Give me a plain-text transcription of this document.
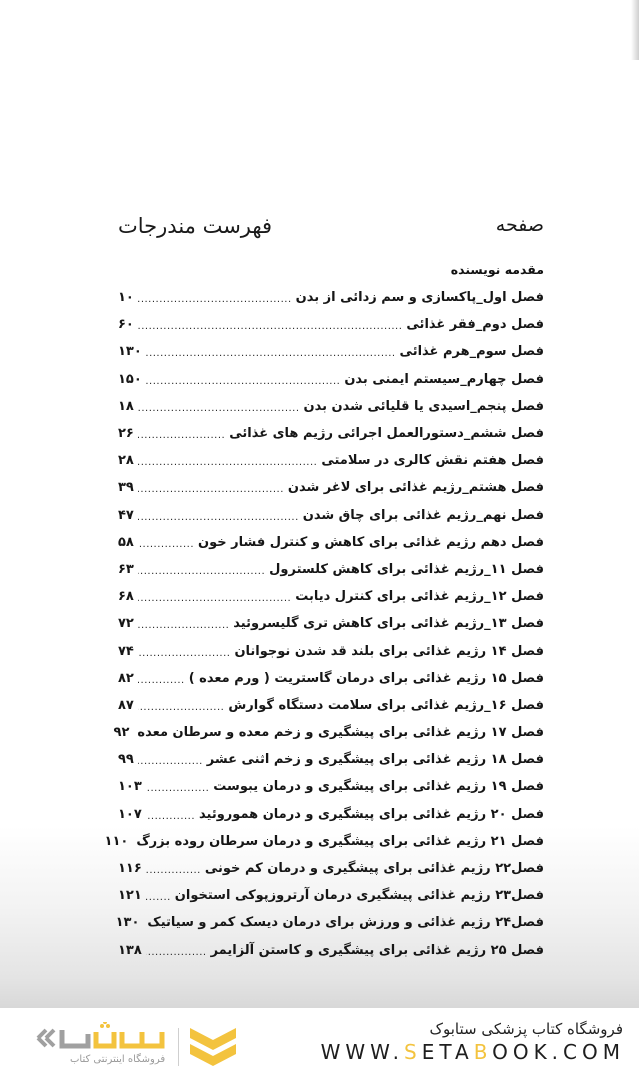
فهرست مندرجات	صفحه
مقدمه نویسنده
فصل اول_پاکسازی و سم زدائی از بدن
.....
۱۰
فصل دوم_فقر غذائی
.....
۶۰
فصل سوم_هرم غذائی
.....
۱۳۰
فصل چهارم_سیستم ایمنی بدن
.....
۱۵۰
فصل پنجم_اسیدی یا قلیائی شدن بدن
.....
۱۸
فصل ششم_دستورالعمل اجرائی رژیم های غذائی
.....
۲۶
فصل هفتم نقش کالری در سلامتی
.....
۲۸
فصل هشتم_رژیم غذائی برای لاغر شدن
.....
۳۹
فصل نهم_رژیم غذائی برای چاق شدن
.....
۴۷
فصل دهم رژیم غذائی برای کاهش و کنترل فشار خون
.....
۵۸
فصل ۱۱_رژیم غذائی برای کاهش کلسترول
.....
۶۳
فصل ۱۲_رژیم غذائی برای کنترل دیابت
.....
۶۸
فصل ۱۳_رژیم غذائی برای کاهش تری گلیسروئید
.....
۷۲
فصل ۱۴ رژیم غذائی برای بلند قد شدن نوجوانان
.....
۷۴
فصل ۱۵ رژیم غذائی برای درمان گاستریت ( ورم معده )
.....
۸۲
فصل ۱۶_رژیم غذائی برای سلامت دستگاه گوارش
.....
۸۷
فصل ۱۷ رژیم غذائی برای پیشگیری و زخم معده و سرطان معده
۹۲
فصل ۱۸ رژیم غذائی برای پیشگیری و زخم اثنی عشر
.....
۹۹
فصل ۱۹ رژیم غذائی برای پیشگیری و درمان یبوست
.....
۱۰۳
فصل ۲۰ رژیم غذائی برای پیشگیری و درمان هموروئید
.....
۱۰۷
فصل ۲۱ رژیم غذائی برای پیشگیری و درمان سرطان روده بزرگ
۱۱۰
فصل۲۲ رژیم غذائی برای پیشگیری و درمان کم خونی
.....
۱۱۶
فصل۲۳ رژیم غذائی پیشگیری درمان آرتروزپوکی استخوان
.....
۱۲۱
فصل۲۴ رژیم غذائی و ورزش برای درمان دیسک کمر و سیاتیک
۱۳۰
فصل ۲۵ رژیم غذائی برای پیشگیری و کاستن آلزایمر
.....
۱۳۸
فروشگاه اینترنتی کتاب
فروشگاه کتاب پزشکی ستابوک
WWW.SETABOOK.COM
